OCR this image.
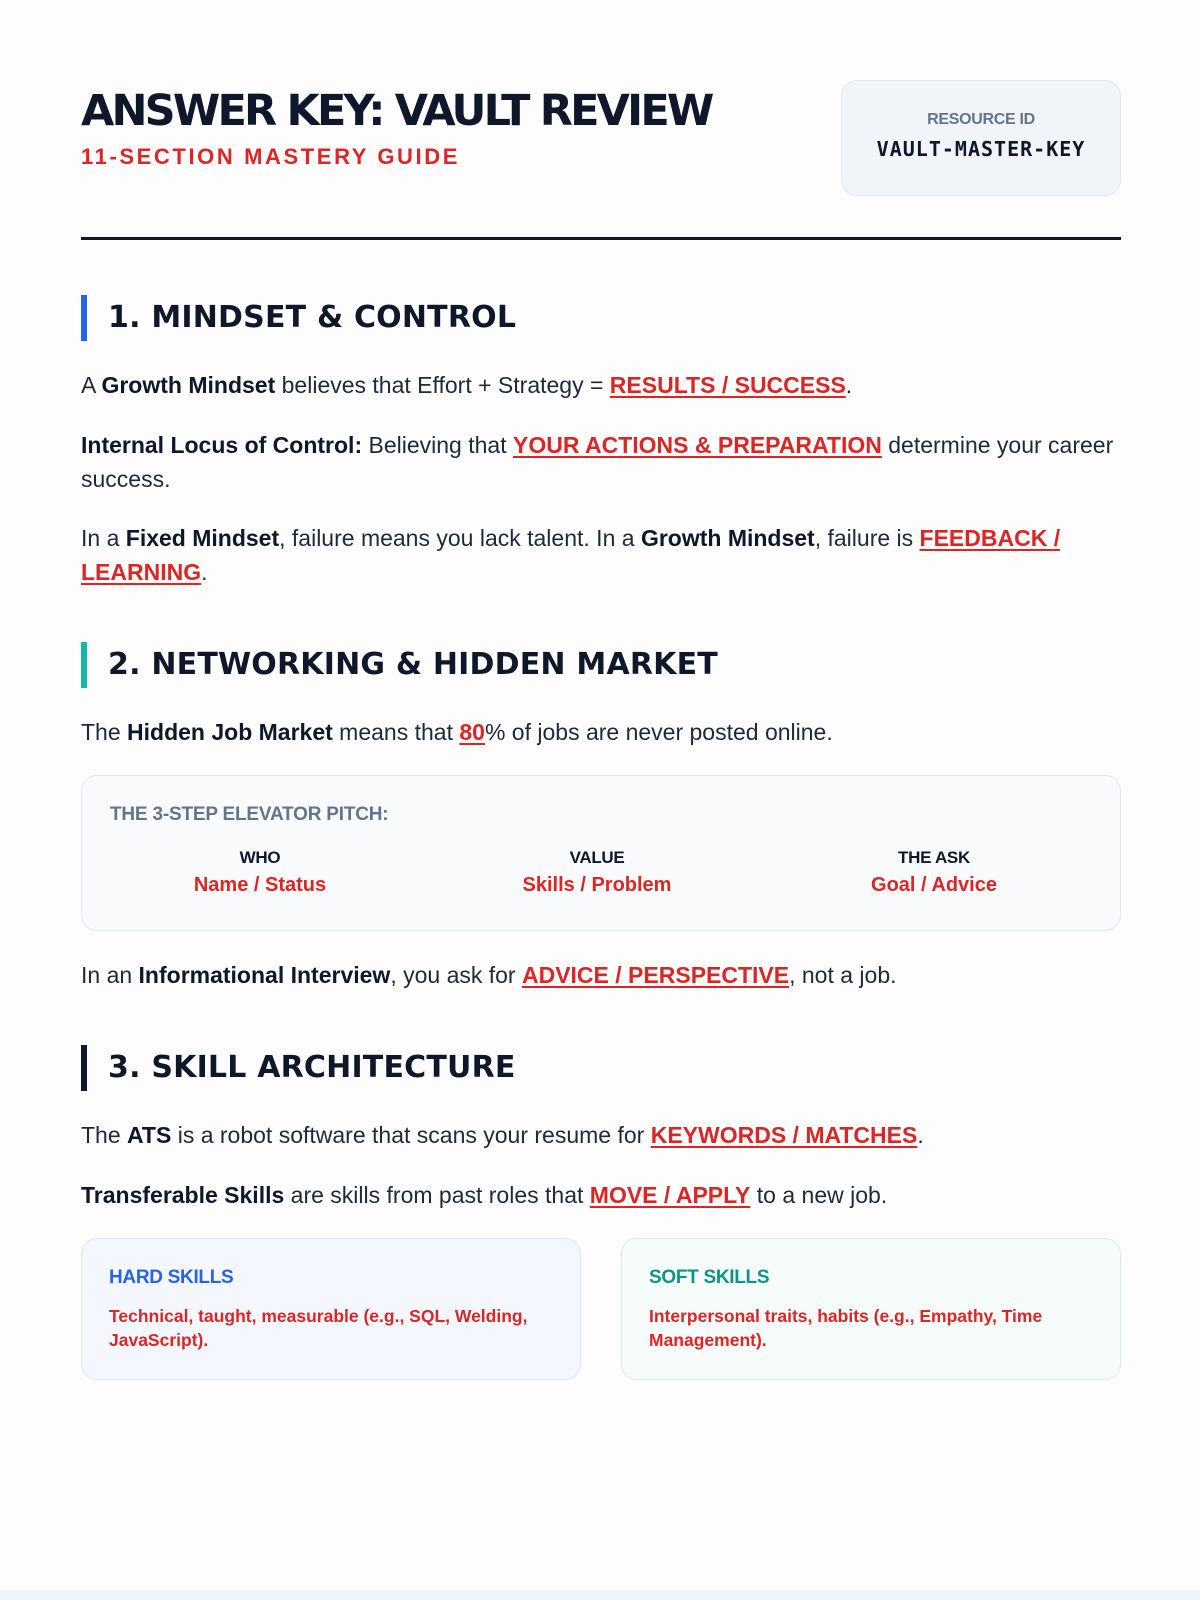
ANSWER KEY: VAULT REVIEW
11-SECTION MASTERY GUIDE
RESOURCE ID
VAULT-MASTER-KEY
1. MINDSET & CONTROL

A Growth Mindset believes that Effort + Strategy = RESULTS / SUCCESS.

Internal Locus of Control: Believing that YOUR ACTIONS & PREPARATION determine your career success.

In a Fixed Mindset, failure means you lack talent. In a Growth Mindset, failure is FEEDBACK / LEARNING.

2. NETWORKING & HIDDEN MARKET

The Hidden Job Market means that 80% of jobs are never posted online.

THE 3-STEP ELEVATOR PITCH:
WHO
Name / Status
VALUE
Skills / Problem
THE ASK
Goal / Advice

In an Informational Interview, you ask for ADVICE / PERSPECTIVE, not a job.

3. SKILL ARCHITECTURE

The ATS is a robot software that scans your resume for KEYWORDS / MATCHES.

Transferable Skills are skills from past roles that MOVE / APPLY to a new job.

HARD SKILLS
Technical, taught, measurable (e.g., SQL, Welding, JavaScript).
SOFT SKILLS
Interpersonal traits, habits (e.g., Empathy, Time Management).
